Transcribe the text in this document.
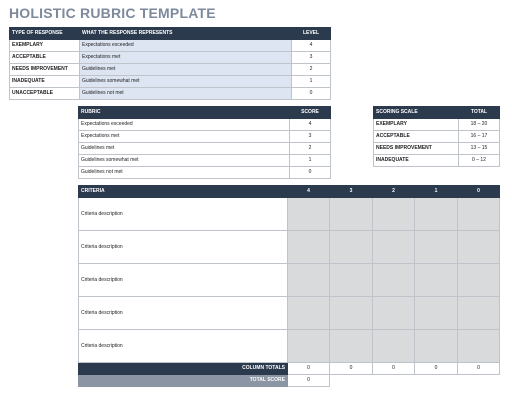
HOLISTIC RUBRIC TEMPLATE
TYPE OF RESPONSE	WHAT THE RESPONSE REPRESENTS	LEVEL
EXEMPLARY	Expectations exceeded	4
ACCEPTABLE	Expectations met	3
NEEDS IMPROVEMENT	Guidelines met	2
INADEQUATE	Guidelines somewhat met	1
UNACCEPTABLE	Guidelines not met	0
RUBRIC	SCORE
Expectations exceeded	4
Expectations met	3
Guidelines met	2
Guidelines somewhat met	1
Guidelines not met	0
SCORING SCALE	TOTAL
EXEMPLARY	18 – 20
ACCEPTABLE	16 – 17
NEEDS IMPROVEMENT	13 – 15
INADEQUATE	0 – 12
CRITERIA	4	3	2	1	0
Criteria description					
Criteria description					
Criteria description					
Criteria description					
Criteria description					
COLUMN TOTALS	0	0	0	0	0
TOTAL SCORE	0				
